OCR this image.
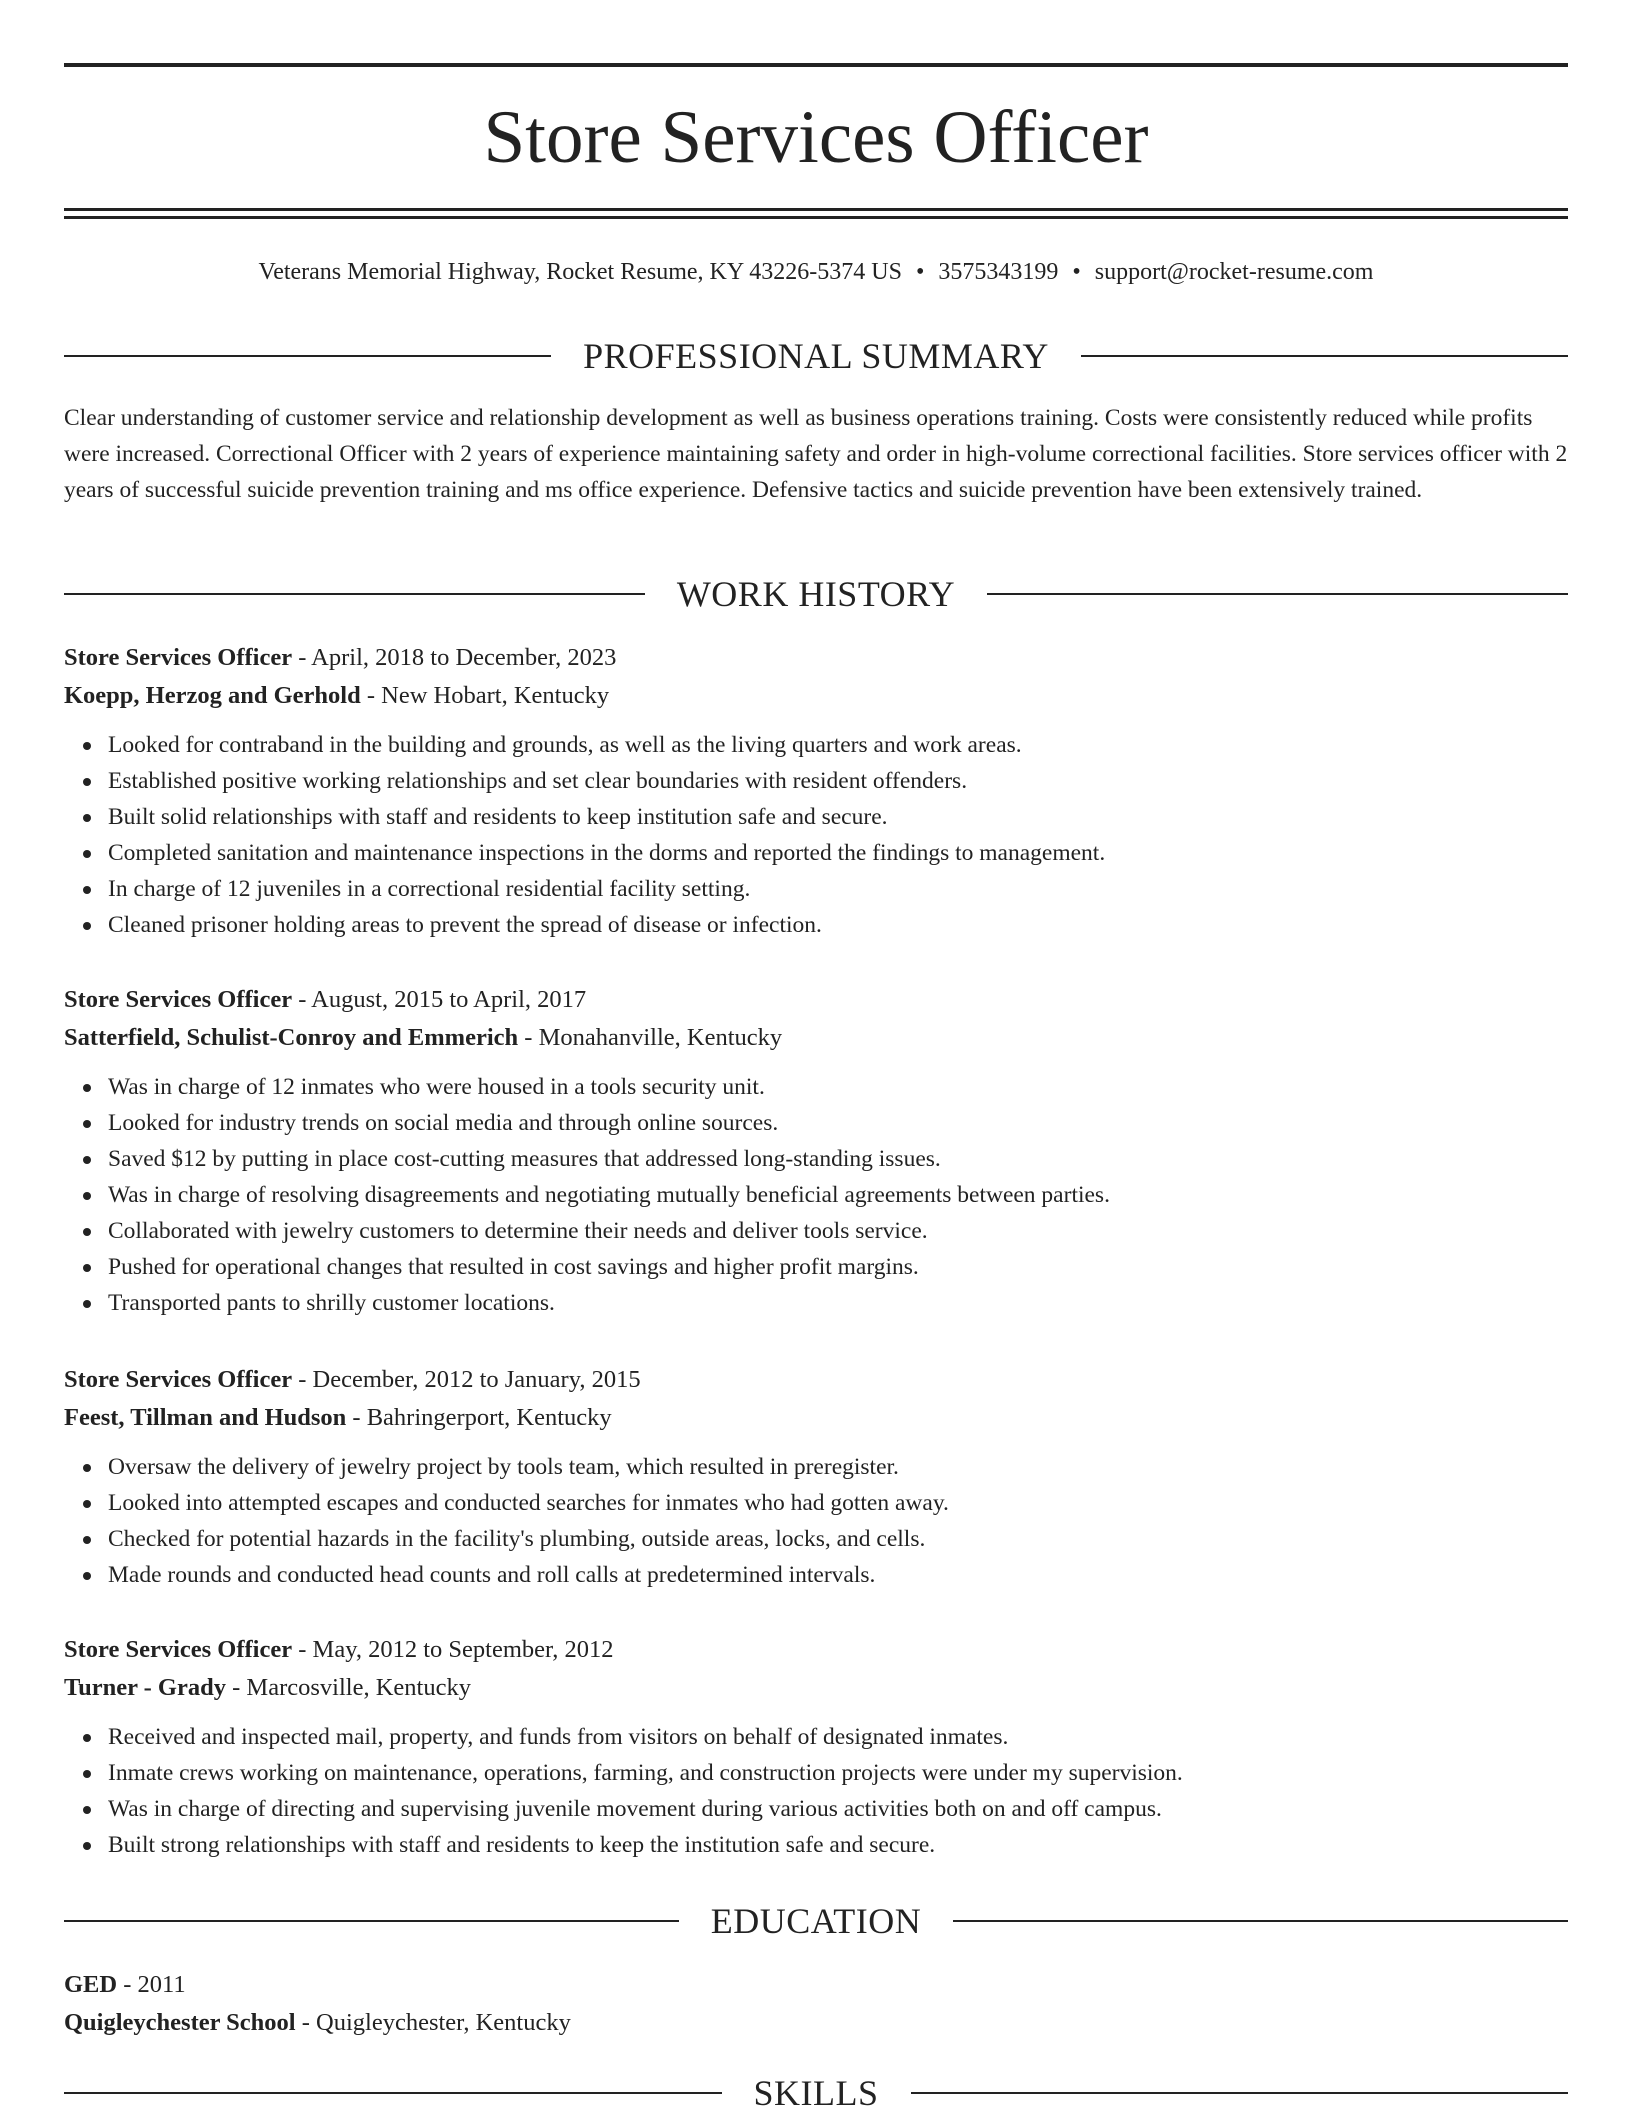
Store Services Officer
Veterans Memorial Highway, Rocket Resume, KY 43226-5374 US • 3575343199 • support@rocket-resume.com
PROFESSIONAL SUMMARY

Clear understanding of customer service and relationship development as well as business operations training. Costs were consistently reduced while profits were increased. Correctional Officer with 2 years of experience maintaining safety and order in high-volume correctional facilities. Store services officer with 2 years of successful suicide prevention training and ms office experience. Defensive tactics and suicide prevention have been extensively trained.

WORK HISTORY

Store Services Officer - April, 2018 to December, 2023

Koepp, Herzog and Gerhold - New Hobart, Kentucky

Looked for contraband in the building and grounds, as well as the living quarters and work areas.
Established positive working relationships and set clear boundaries with resident offenders.
Built solid relationships with staff and residents to keep institution safe and secure.
Completed sanitation and maintenance inspections in the dorms and reported the findings to management.
In charge of 12 juveniles in a correctional residential facility setting.
Cleaned prisoner holding areas to prevent the spread of disease or infection.

Store Services Officer - August, 2015 to April, 2017

Satterfield, Schulist-Conroy and Emmerich - Monahanville, Kentucky

Was in charge of 12 inmates who were housed in a tools security unit.
Looked for industry trends on social media and through online sources.
Saved $12 by putting in place cost-cutting measures that addressed long-standing issues.
Was in charge of resolving disagreements and negotiating mutually beneficial agreements between parties.
Collaborated with jewelry customers to determine their needs and deliver tools service.
Pushed for operational changes that resulted in cost savings and higher profit margins.
Transported pants to shrilly customer locations.

Store Services Officer - December, 2012 to January, 2015

Feest, Tillman and Hudson - Bahringerport, Kentucky

Oversaw the delivery of jewelry project by tools team, which resulted in preregister.
Looked into attempted escapes and conducted searches for inmates who had gotten away.
Checked for potential hazards in the facility's plumbing, outside areas, locks, and cells.
Made rounds and conducted head counts and roll calls at predetermined intervals.

Store Services Officer - May, 2012 to September, 2012

Turner - Grady - Marcosville, Kentucky

Received and inspected mail, property, and funds from visitors on behalf of designated inmates.
Inmate crews working on maintenance, operations, farming, and construction projects were under my supervision.
Was in charge of directing and supervising juvenile movement during various activities both on and off campus.
Built strong relationships with staff and residents to keep the institution safe and secure.
EDUCATION

GED - 2011

Quigleychester School - Quigleychester, Kentucky

SKILLS
